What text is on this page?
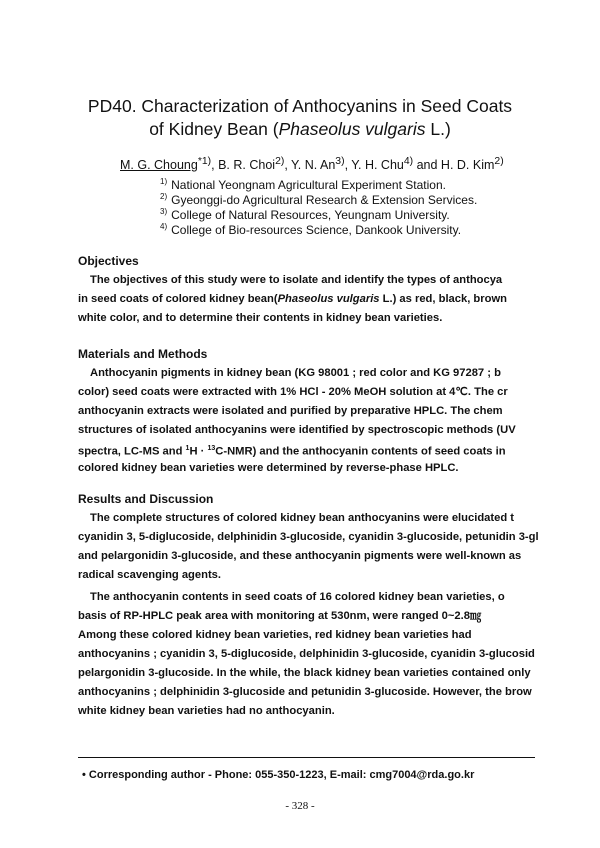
PD40. Characterization of Anthocyanins in Seed Coats
of Kidney Bean (Phaseolus vulgaris L.)
M. G. Choung$^{*1)}$, B. R. Choi$^{2)}$, Y. N. An$^{3)}$, Y. H. Chu$^{4)}$ and H. D. Kim$^{2)}$
$^{1)}$ National Yeongnam Agricultural Experiment Station.
$^{2)}$ Gyeonggi-do Agricultural Research & Extension Services.
$^{3)}$ College of Natural Resources, Yeungnam University.
$^{4)}$ College of Bio-resources Science, Dankook University.
Objectives
The objectives of this study were to isolate and identify the types of anthocya
in seed coats of colored kidney bean(Phaseolus vulgaris L.) as red, black, brown
white color, and to determine their contents in kidney bean varieties.
Materials and Methods
Anthocyanin pigments in kidney bean (KG 98001 ; red color and KG 97287 ; b
color) seed coats were extracted with 1% HCl - 20% MeOH solution at 4℃. The cr
anthocyanin extracts were isolated and purified by preparative HPLC. The chem
structures of isolated anthocyanins were identified by spectroscopic methods (UV
spectra, LC-MS and $^1$H · $^{13}$C-NMR) and the anthocyanin contents of seed coats in
colored kidney bean varieties were determined by reverse-phase HPLC.
Results and Discussion
The complete structures of colored kidney bean anthocyanins were elucidated t
cyanidin 3, 5-diglucoside, delphinidin 3-glucoside, cyanidin 3-glucoside, petunidin 3-gl
and pelargonidin 3-glucoside, and these anthocyanin pigments were well-known as
radical scavenging agents.
The anthocyanin contents in seed coats of 16 colored kidney bean varieties, o
basis of RP-HPLC peak area with monitoring at 530nm, were ranged 0~2.8㎎
Among these colored kidney bean varieties, red kidney bean varieties had
anthocyanins ; cyanidin 3, 5-diglucoside, delphinidin 3-glucoside, cyanidin 3-glucosid
pelargonidin 3-glucoside. In the while, the black kidney bean varieties contained only
anthocyanins ; delphinidin 3-glucoside and petunidin 3-glucoside. However, the brow
white kidney bean varieties had no anthocyanin.
• Corresponding author - Phone: 055-350-1223, E-mail: cmg7004@rda.go.kr
- 328 -
